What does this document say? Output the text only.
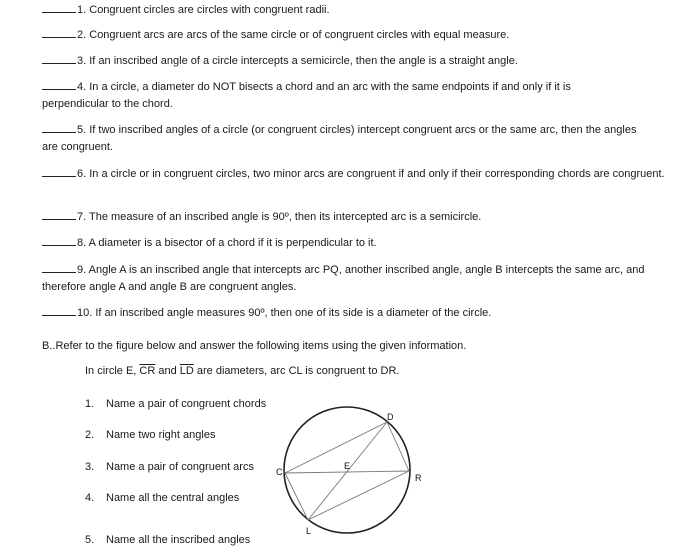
1. Congruent circles are circles with congruent radii.
2. Congruent arcs are arcs of the same circle or of congruent circles with equal measure.
3. If an inscribed angle of a circle intercepts a semicircle, then the angle is a straight angle.
4. In a circle, a diameter do NOT bisects a chord and an arc with the same endpoints if and only if it is perpendicular to the chord.
5. If two inscribed angles of a circle (or congruent circles) intercept congruent arcs or the same arc, then the angles are congruent.
6. In a circle or in congruent circles, two minor arcs are congruent if and only if their corresponding chords are congruent.
7. The measure of an inscribed angle is 90º, then its intercepted arc is a semicircle.
8. A diameter is a bisector of a chord if it is perpendicular to it.
9. Angle A is an inscribed angle that intercepts arc PQ, another inscribed angle, angle B intercepts the same arc, and therefore angle A and angle B are congruent angles.
10. If an inscribed angle measures 90º, then one of its side is a diameter of the circle.
B..Refer to the figure below and answer the following items using the given information.
In circle E, $\overline{CR}$ and $\overline{LD}$ are diameters, arc CL is congruent to DR.
1. Name a pair of congruent chords
2. Name two right angles
3. Name a pair of congruent arcs
4. Name all the central angles
5. Name all the inscribed angles
D
C
R
L
E
